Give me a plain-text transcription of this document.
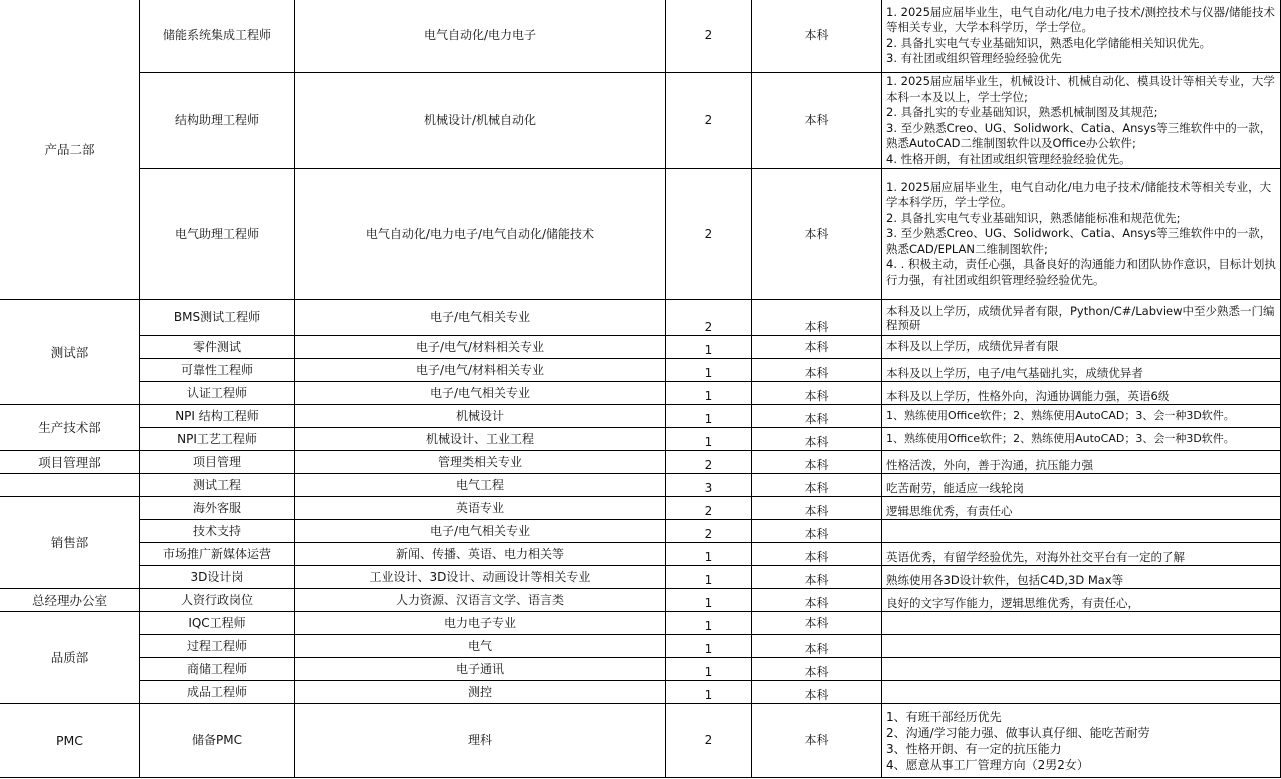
产品二部	储能系统集成工程师	电气自动化/电力电子	2	本科	1. 2025届应届毕业生，电气自动化/电力电子技术/测控技术与仪器/储能技术等相关专业，大学本科学历，学士学位。
2. 具备扎实电气专业基础知识，熟悉电化学储能相关知识优先。
3. 有社团或组织管理经验经验优先

	结构助理工程师	机械设计/机械自动化	2	本科	1. 2025届应届毕业生，机械设计、机械自动化、模具设计等相关专业，大学本科一本及以上，学士学位;
2. 具备扎实的专业基础知识，熟悉机械制图及其规范;
3. 至少熟悉Creo、UG、Solidwork、Catia、Ansys等三维软件中的一款，熟悉AutoCAD二维制图软件以及Office办公软件;
4. 性格开朗，有社团或组织管理经验经验优先。

	电气助理工程师	电气自动化/电力电子/电气自动化/储能技术	2	本科	1. 2025届应届毕业生，电气自动化/电力电子技术/储能技术等相关专业，大学本科学历，学士学位。
2. 具备扎实电气专业基础知识，熟悉储能标准和规范优先;
3. 至少熟悉Creo、UG、Solidwork、Catia、Ansys等三维软件中的一款，熟悉CAD/EPLAN二维制图软件;
4. . 积极主动，责任心强，具备良好的沟通能力和团队协作意识，目标计划执行力强，有社团或组织管理经验经验优先。

测试部	BMS测试工程师	电子/电气相关专业	2	本科	本科及以上学历，成绩优异者有限，Python/C#/Labview中至少熟悉一门编程预研
	零件测试	电子/电气/材料相关专业	1	本科	本科及以上学历，成绩优异者有限
	可靠性工程师	电子/电气/材料相关专业	1	本科	本科及以上学历，电子/电气基础扎实，成绩优异者
	认证工程师	电子/电气相关专业	1	本科	本科及以上学历，性格外向，沟通协调能力强，英语6级
生产技术部	NPI 结构工程师	机械设计	1	本科	1、熟练使用Office软件；2、熟练使用AutoCAD；3、会一种3D软件。
	NPI工艺工程师	机械设计、工业工程	1	本科	1、熟练使用Office软件；2、熟练使用AutoCAD；3、会一种3D软件。
项目管理部	项目管理	管理类相关专业	2	本科	性格活泼，外向，善于沟通，抗压能力强
	测试工程	电气工程	3	本科	吃苦耐劳，能适应一线轮岗
销售部	海外客服	英语专业	2	本科	逻辑思维优秀，有责任心
	技术支持	电子/电气相关专业	2	本科	
	市场推广新媒体运营	新闻、传播、英语、电力相关等	1	本科	英语优秀，有留学经验优先，对海外社交平台有一定的了解
	3D设计岗	工业设计、3D设计、动画设计等相关专业	1	本科	熟练使用各3D设计软件，包括C4D,3D Max等
总经理办公室	人资行政岗位	人力资源、汉语言文学、语言类	1	本科	良好的文字写作能力，逻辑思维优秀，有责任心，
品质部	IQC工程师	电力电子专业	1	本科	
	过程工程师	电气	1	本科	
	商储工程师	电子通讯	1	本科	
	成品工程师	测控	1	本科	
PMC	储备PMC	理科	2	本科	1、有班干部经历优先
2、沟通/学习能力强、做事认真仔细、能吃苦耐劳
3、性格开朗、有一定的抗压能力
4、愿意从事工厂管理方向（2男2女）
